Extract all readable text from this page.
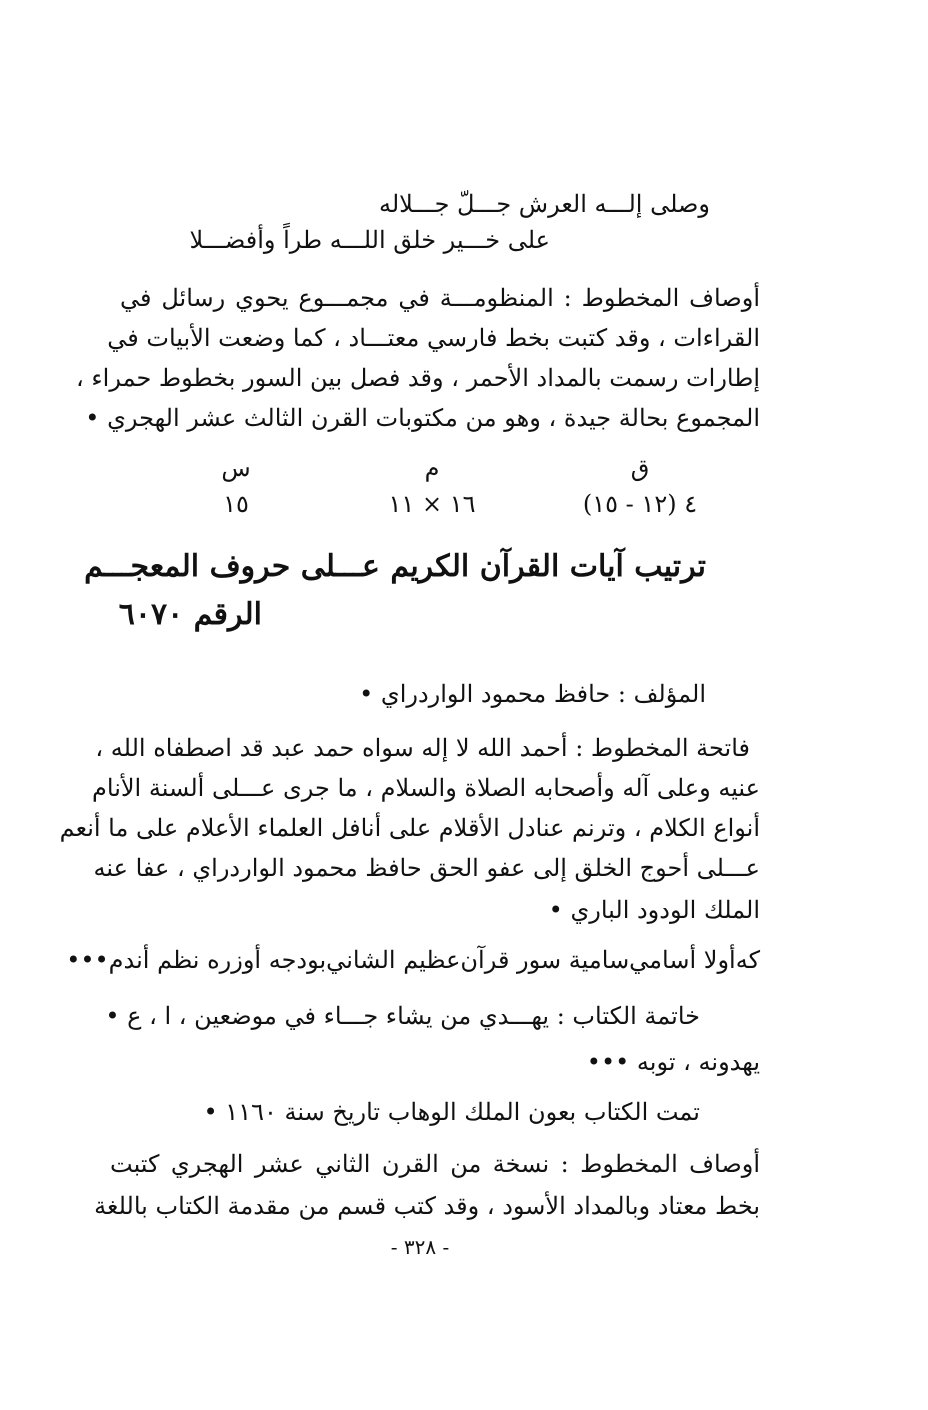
وصلى إلـــه العرش جـــلّ جـــلاله
على خـــير خلق اللـــه طراً وأفضـــلا
أوصاف المخطوط : المنظومـــة في مجمـــوع يحوي رسائل في
القراءات ، وقد كتبت بخط فارسي معتـــاد ، كما وضعت الأبيات في
إطارات رسمت بالمداد الأحمر ، وقد فصل بين السور بخطوط حمراء ،
المجموع بحالة جيدة ، وهو من مكتوبات القرن الثالث عشر الهجري •
ق
م
س
٤ (١٢ - ١٥)
١٦ × ١١
١٥
ترتيب آيات القرآن الكريم عـــلى حروف المعجـــم
الرقم ٦٠٧٠
المؤلف : حافظ محمود الواردراي •
فاتحة المخطوط : أحمد الله لا إله سواه حمد عبد قد اصطفاه الله ،
عنيه وعلى آله وأصحابه الصلاة والسلام ، ما جرى عـــلى ألسنة الأنام
أنواع الكلام ، وترنم عنادل الأقلام على أنافل العلماء الأعلام على ما أنعم
عـــلى أحوج الخلق إلى عفو الحق حافظ محمود الواردراي ، عفا عنه
الملك الودود الباري •
كه‌أولا أسامي‌سامية سور قرآن‌عظيم الشاني‌بودجه أوزره نظم أندم•••
خاتمة الكتاب : يهـــدي من يشاء جـــاء في موضعين ، ا ، ع •
يهدونه ، توبه •••
تمت الكتاب بعون الملك الوهاب تاريخ سنة ١١٦٠ •
أوصاف المخطوط : نسخة من القرن الثاني عشر الهجري كتبت
بخط معتاد وبالمداد الأسود ، وقد كتب قسم من مقدمة الكتاب باللغة
- ٣٢٨ -
